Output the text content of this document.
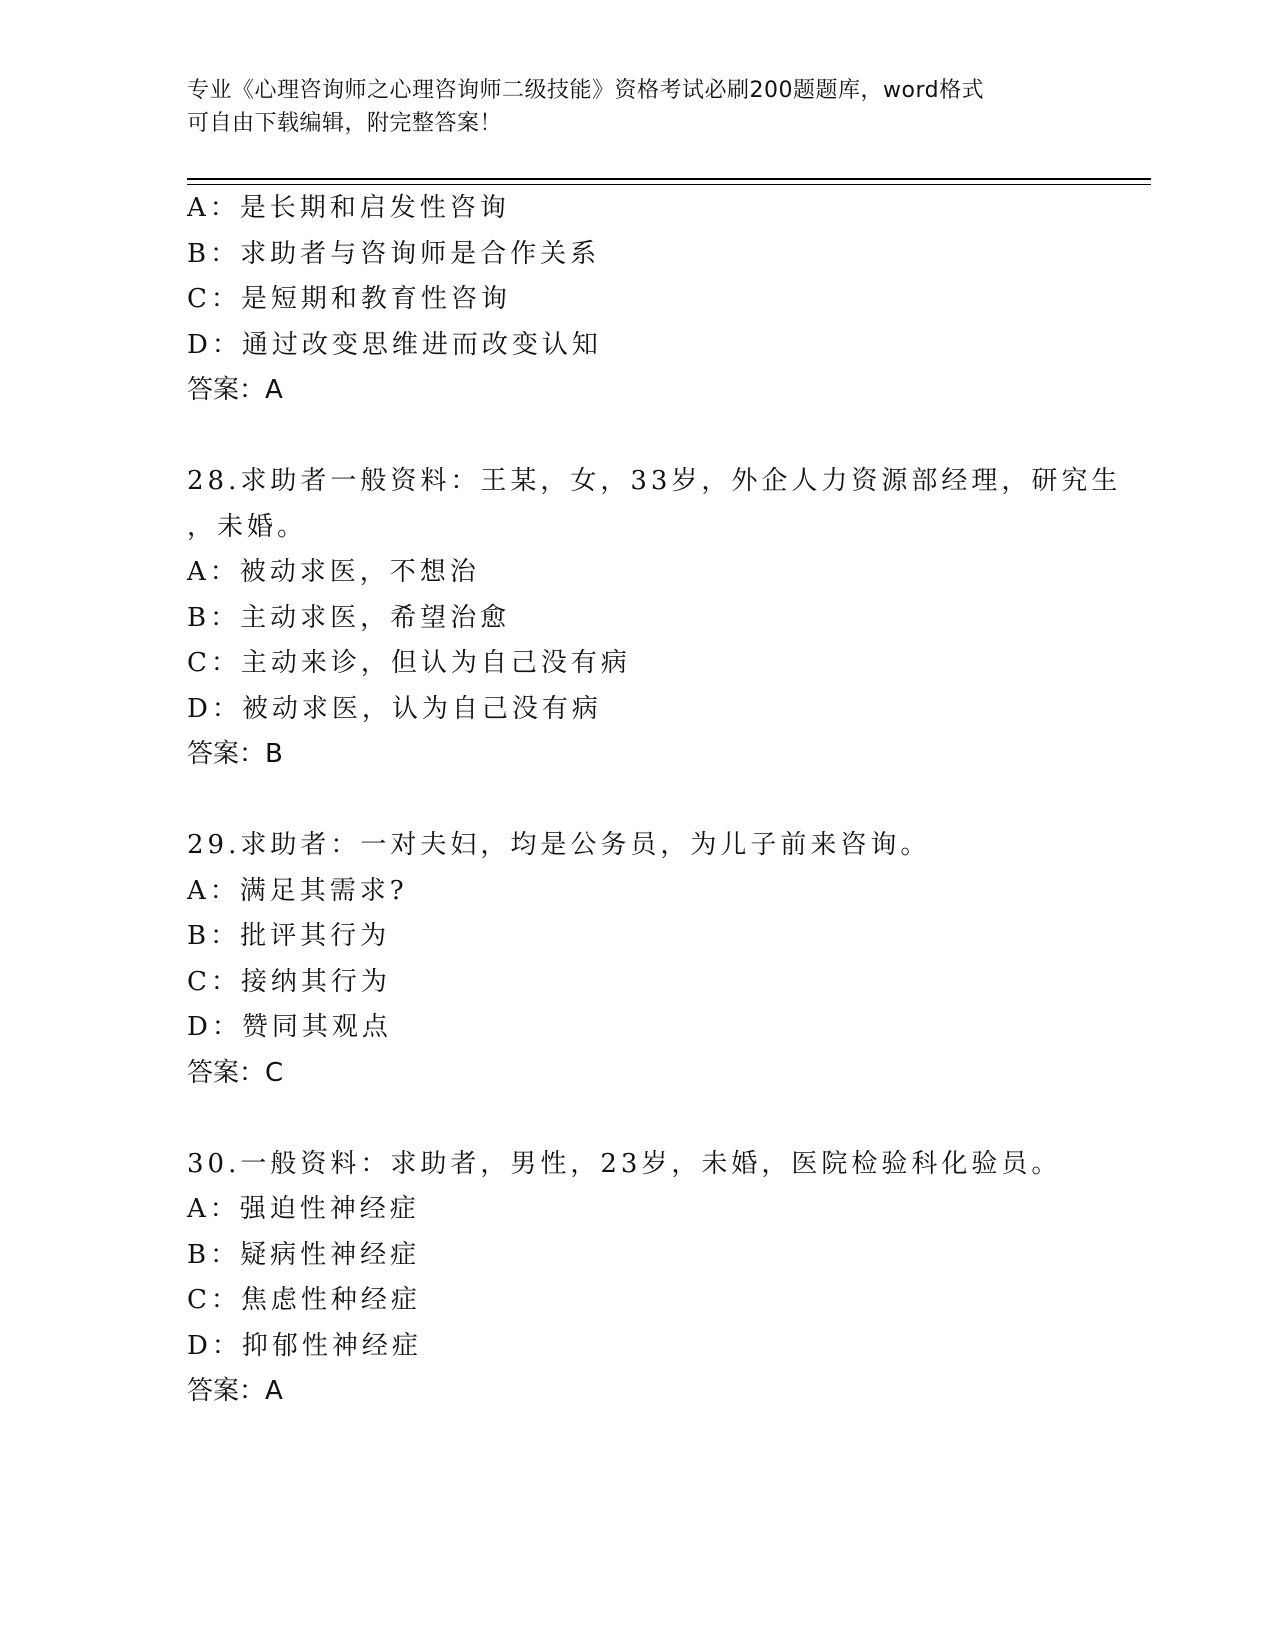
专业《心理咨询师之心理咨询师二级技能》资格考试必刷200题题库，word格式
可自由下载编辑，附完整答案！
A：是长期和启发性咨询
B：求助者与咨询师是合作关系
C：是短期和教育性咨询
D：通过改变思维进而改变认知
答案：A
28.求助者一般资料：王某，女，33岁，外企人力资源部经理，研究生
，未婚。
A：被动求医，不想治
B：主动求医，希望治愈
C：主动来诊，但认为自己没有病
D：被动求医，认为自己没有病
答案：B
29.求助者：一对夫妇，均是公务员，为儿子前来咨询。
A：满足其需求?
B：批评其行为
C：接纳其行为
D：赞同其观点
答案：C
30.一般资料：求助者，男性，23岁，未婚，医院检验科化验员。
A：强迫性神经症
B：疑病性神经症
C：焦虑性种经症
D：抑郁性神经症
答案：A
